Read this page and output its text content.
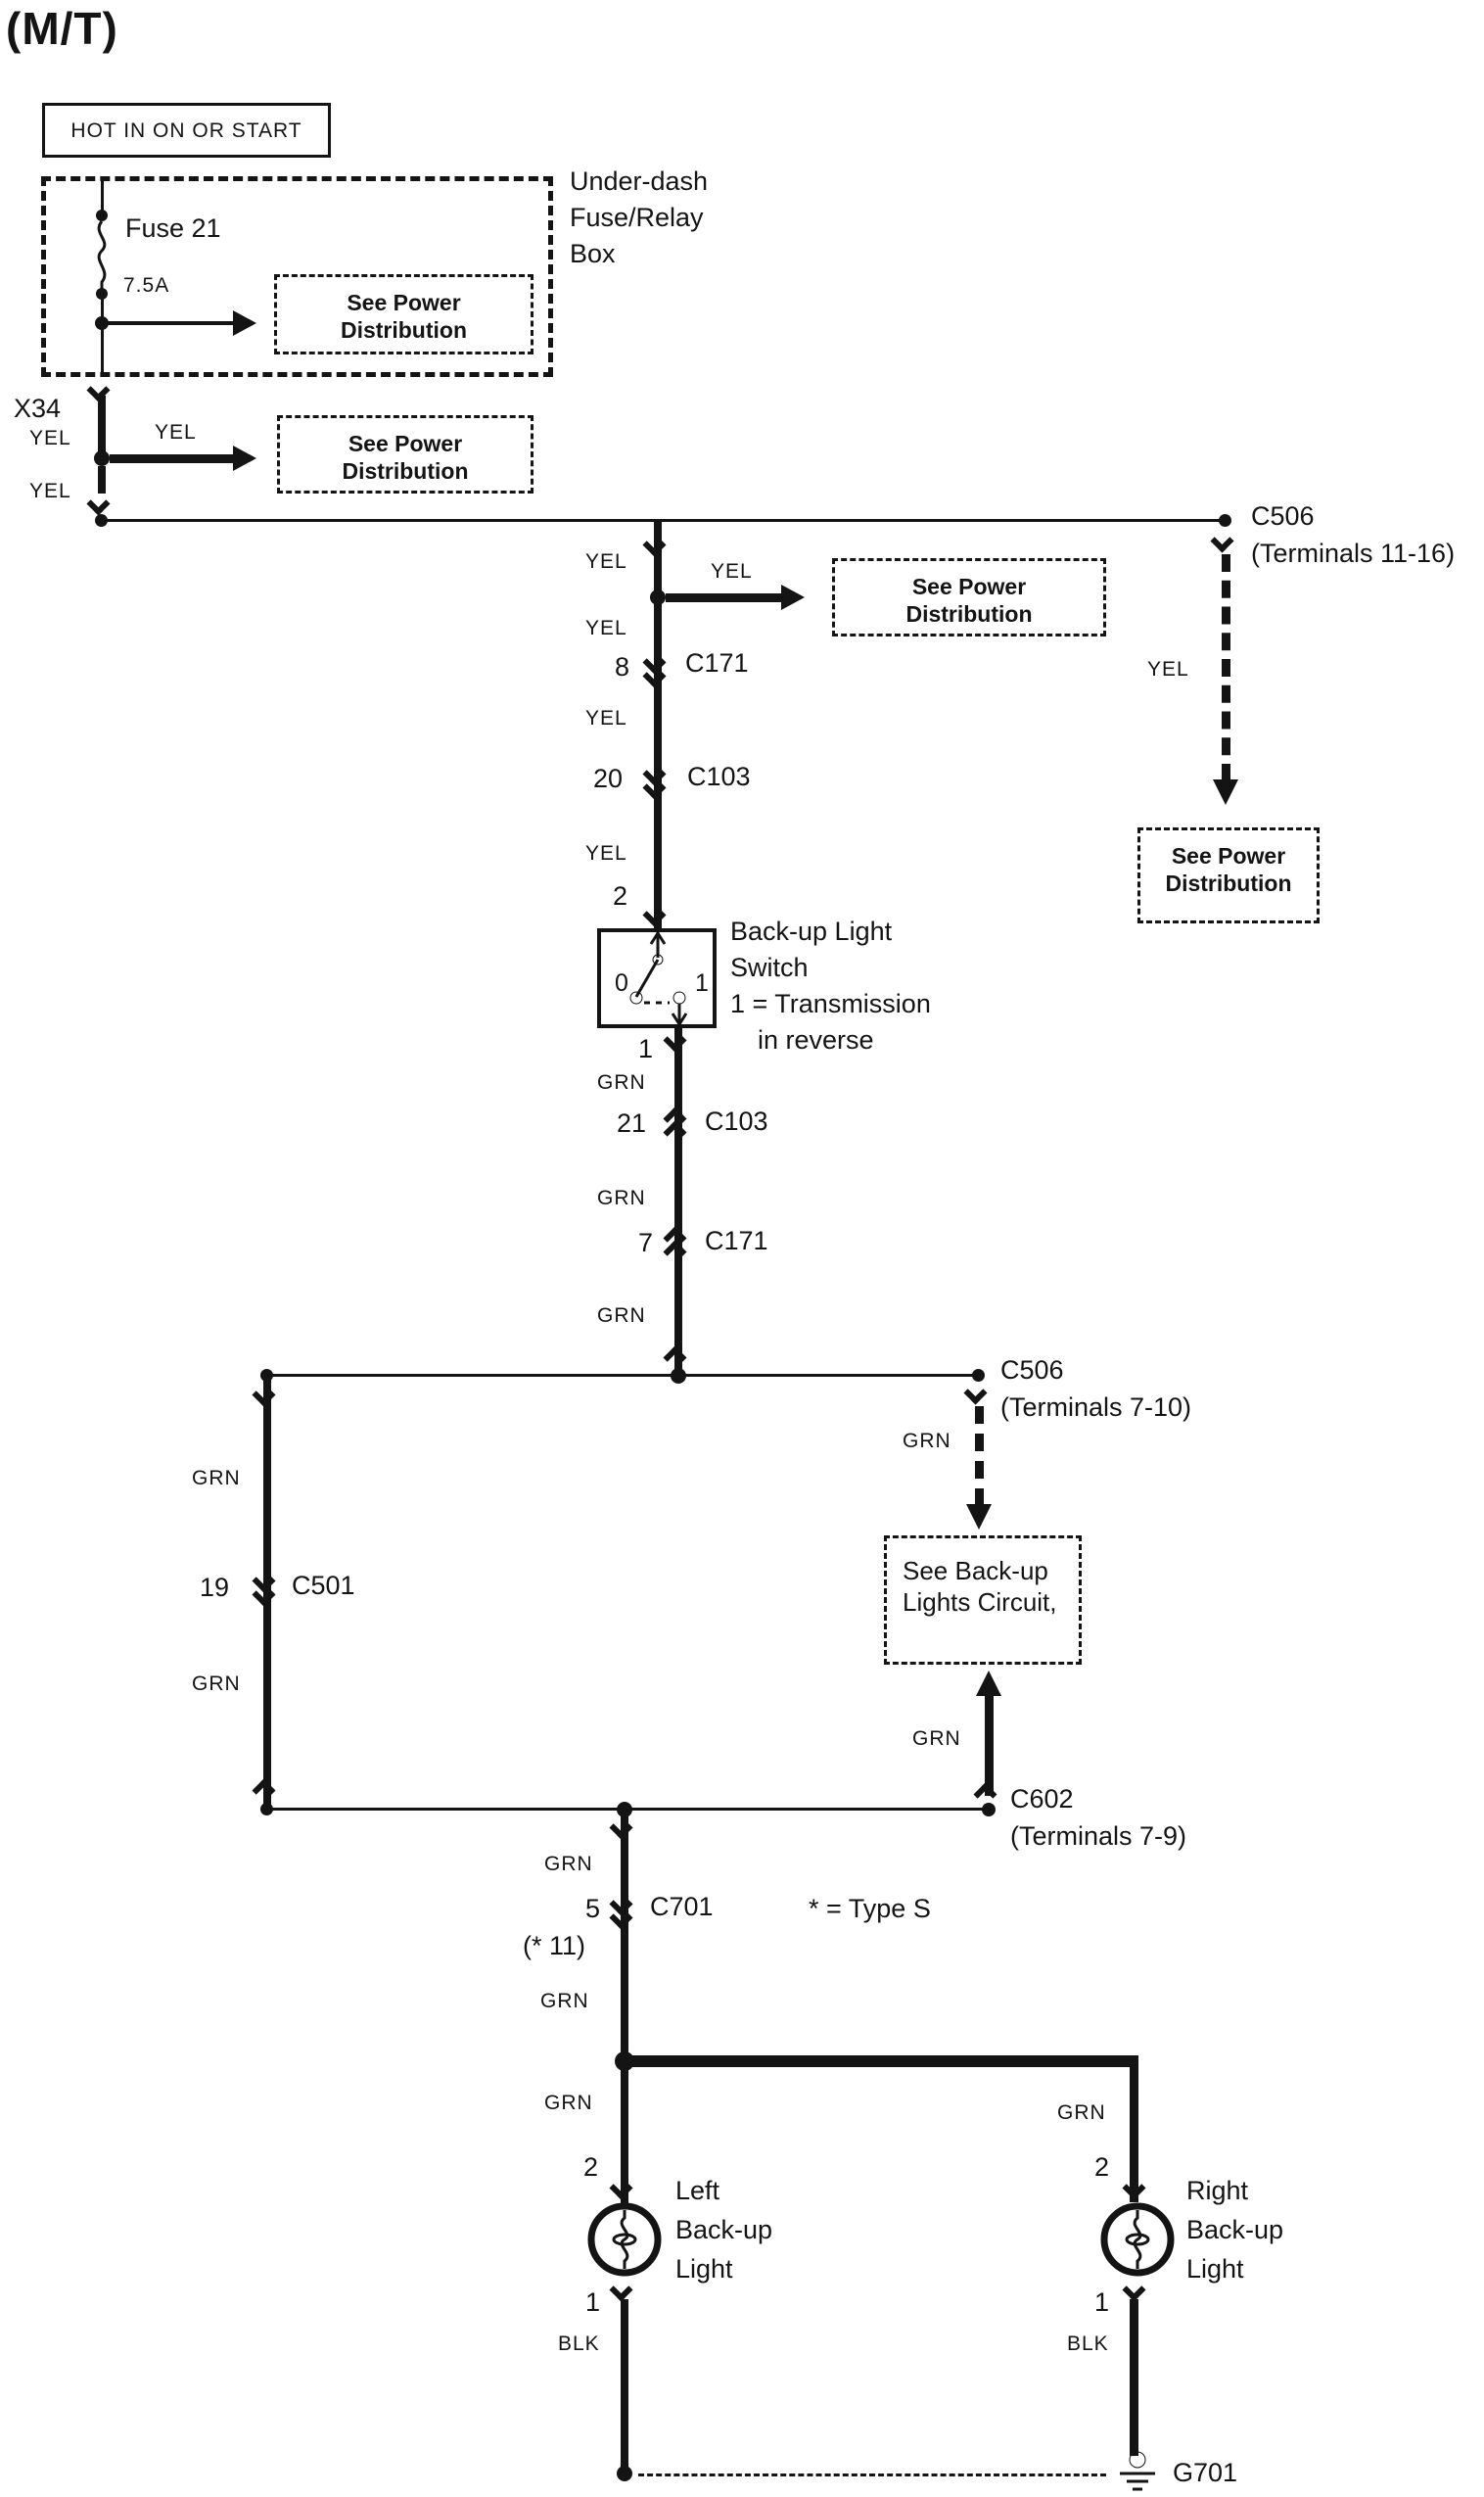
(M/T)
HOT IN ON OR START
Under-dash
Fuse/Relay
Box
Fuse 21
7.5A
See Power
Distribution
X34
YEL	YEL
YEL
See Power
Distribution
C506
(Terminals 11-16)
YEL
See Power
Distribution
YEL	YEL
See Power
Distribution
YEL
8 C171
YEL
20 C103
YEL
2
0	1
Back-up Light
Switch
1 = Transmission
in reverse
1
GRN
21 C103
GRN
7 C171
GRN
C506
(Terminals 7-10)
GRN
See Back-up
Lights Circuit,
GRN
C602
(Terminals 7-9)
GRN
19 C501
GRN
GRN
5 C701
(* 11)
* = Type S
GRN
GRN
2
Left
Back-up
Light
1
BLK
GRN
2
Right
Back-up
Light
1
BLK
G701
